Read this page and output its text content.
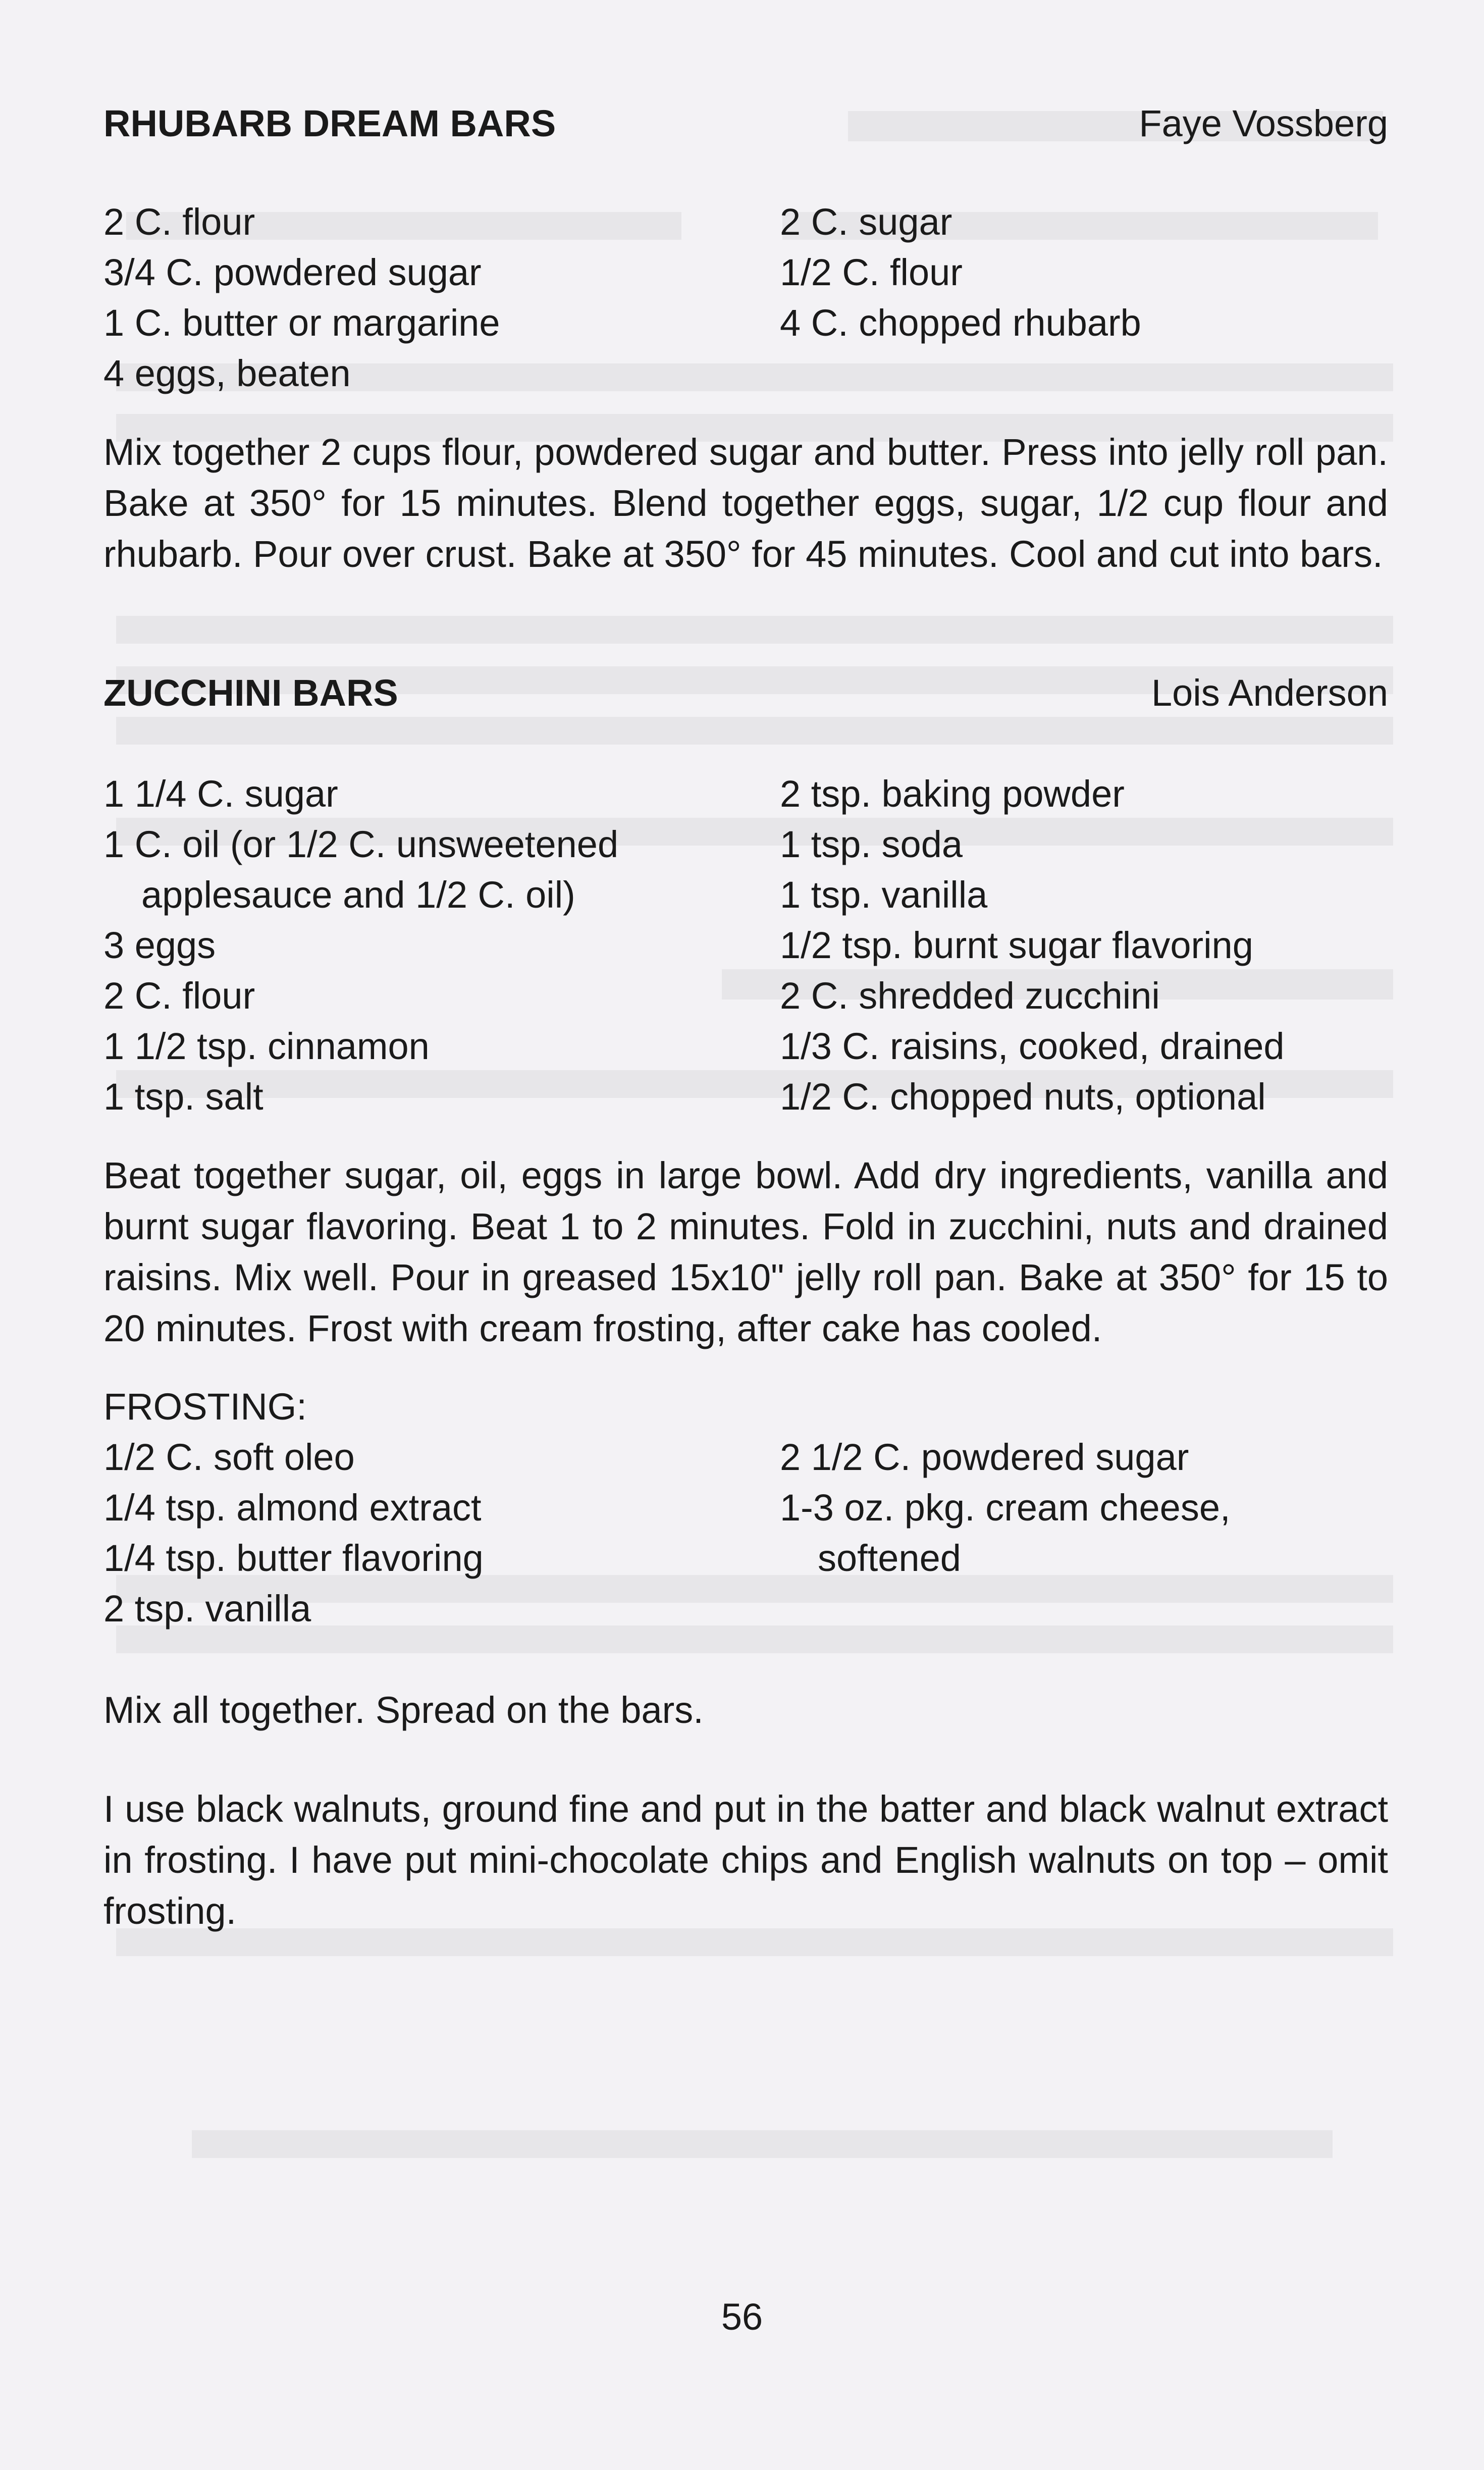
RHUBARB DREAM BARS	Faye Vossberg
2 C. flour
3/4 C. powdered sugar
1 C. butter or margarine
4 eggs, beaten
2 C. sugar
1/2 C. flour
4 C. chopped rhubarb

Mix together 2 cups flour, powdered sugar and butter. Press into jelly roll pan. Bake at 350° for 15 minutes. Blend together eggs, sugar, 1/2 cup flour and rhubarb. Pour over crust. Bake at 350° for 45 minutes. Cool and cut into bars.

ZUCCHINI BARS	Lois Anderson
1 1/4 C. sugar
1 C. oil (or 1/2 C. unsweetened
applesauce and 1/2 C. oil)
3 eggs
2 C. flour
1 1/2 tsp. cinnamon
1 tsp. salt
2 tsp. baking powder
1 tsp. soda
1 tsp. vanilla
1/2 tsp. burnt sugar flavoring
2 C. shredded zucchini
1/3 C. raisins, cooked, drained
1/2 C. chopped nuts, optional

Beat together sugar, oil, eggs in large bowl. Add dry ingredients, vanilla and burnt sugar flavoring. Beat 1 to 2 minutes. Fold in zucchini, nuts and drained raisins. Mix well. Pour in greased 15x10" jelly roll pan. Bake at 350° for 15 to 20 minutes. Frost with cream frosting, after cake has cooled.

FROSTING:
1/2 C. soft oleo
1/4 tsp. almond extract
1/4 tsp. butter flavoring
2 tsp. vanilla
2 1/2 C. powdered sugar
1-3 oz. pkg. cream cheese,
softened

Mix all together. Spread on the bars.

I use black walnuts, ground fine and put in the batter and black walnut extract in frosting. I have put mini-chocolate chips and English walnuts on top – omit frosting.

56
